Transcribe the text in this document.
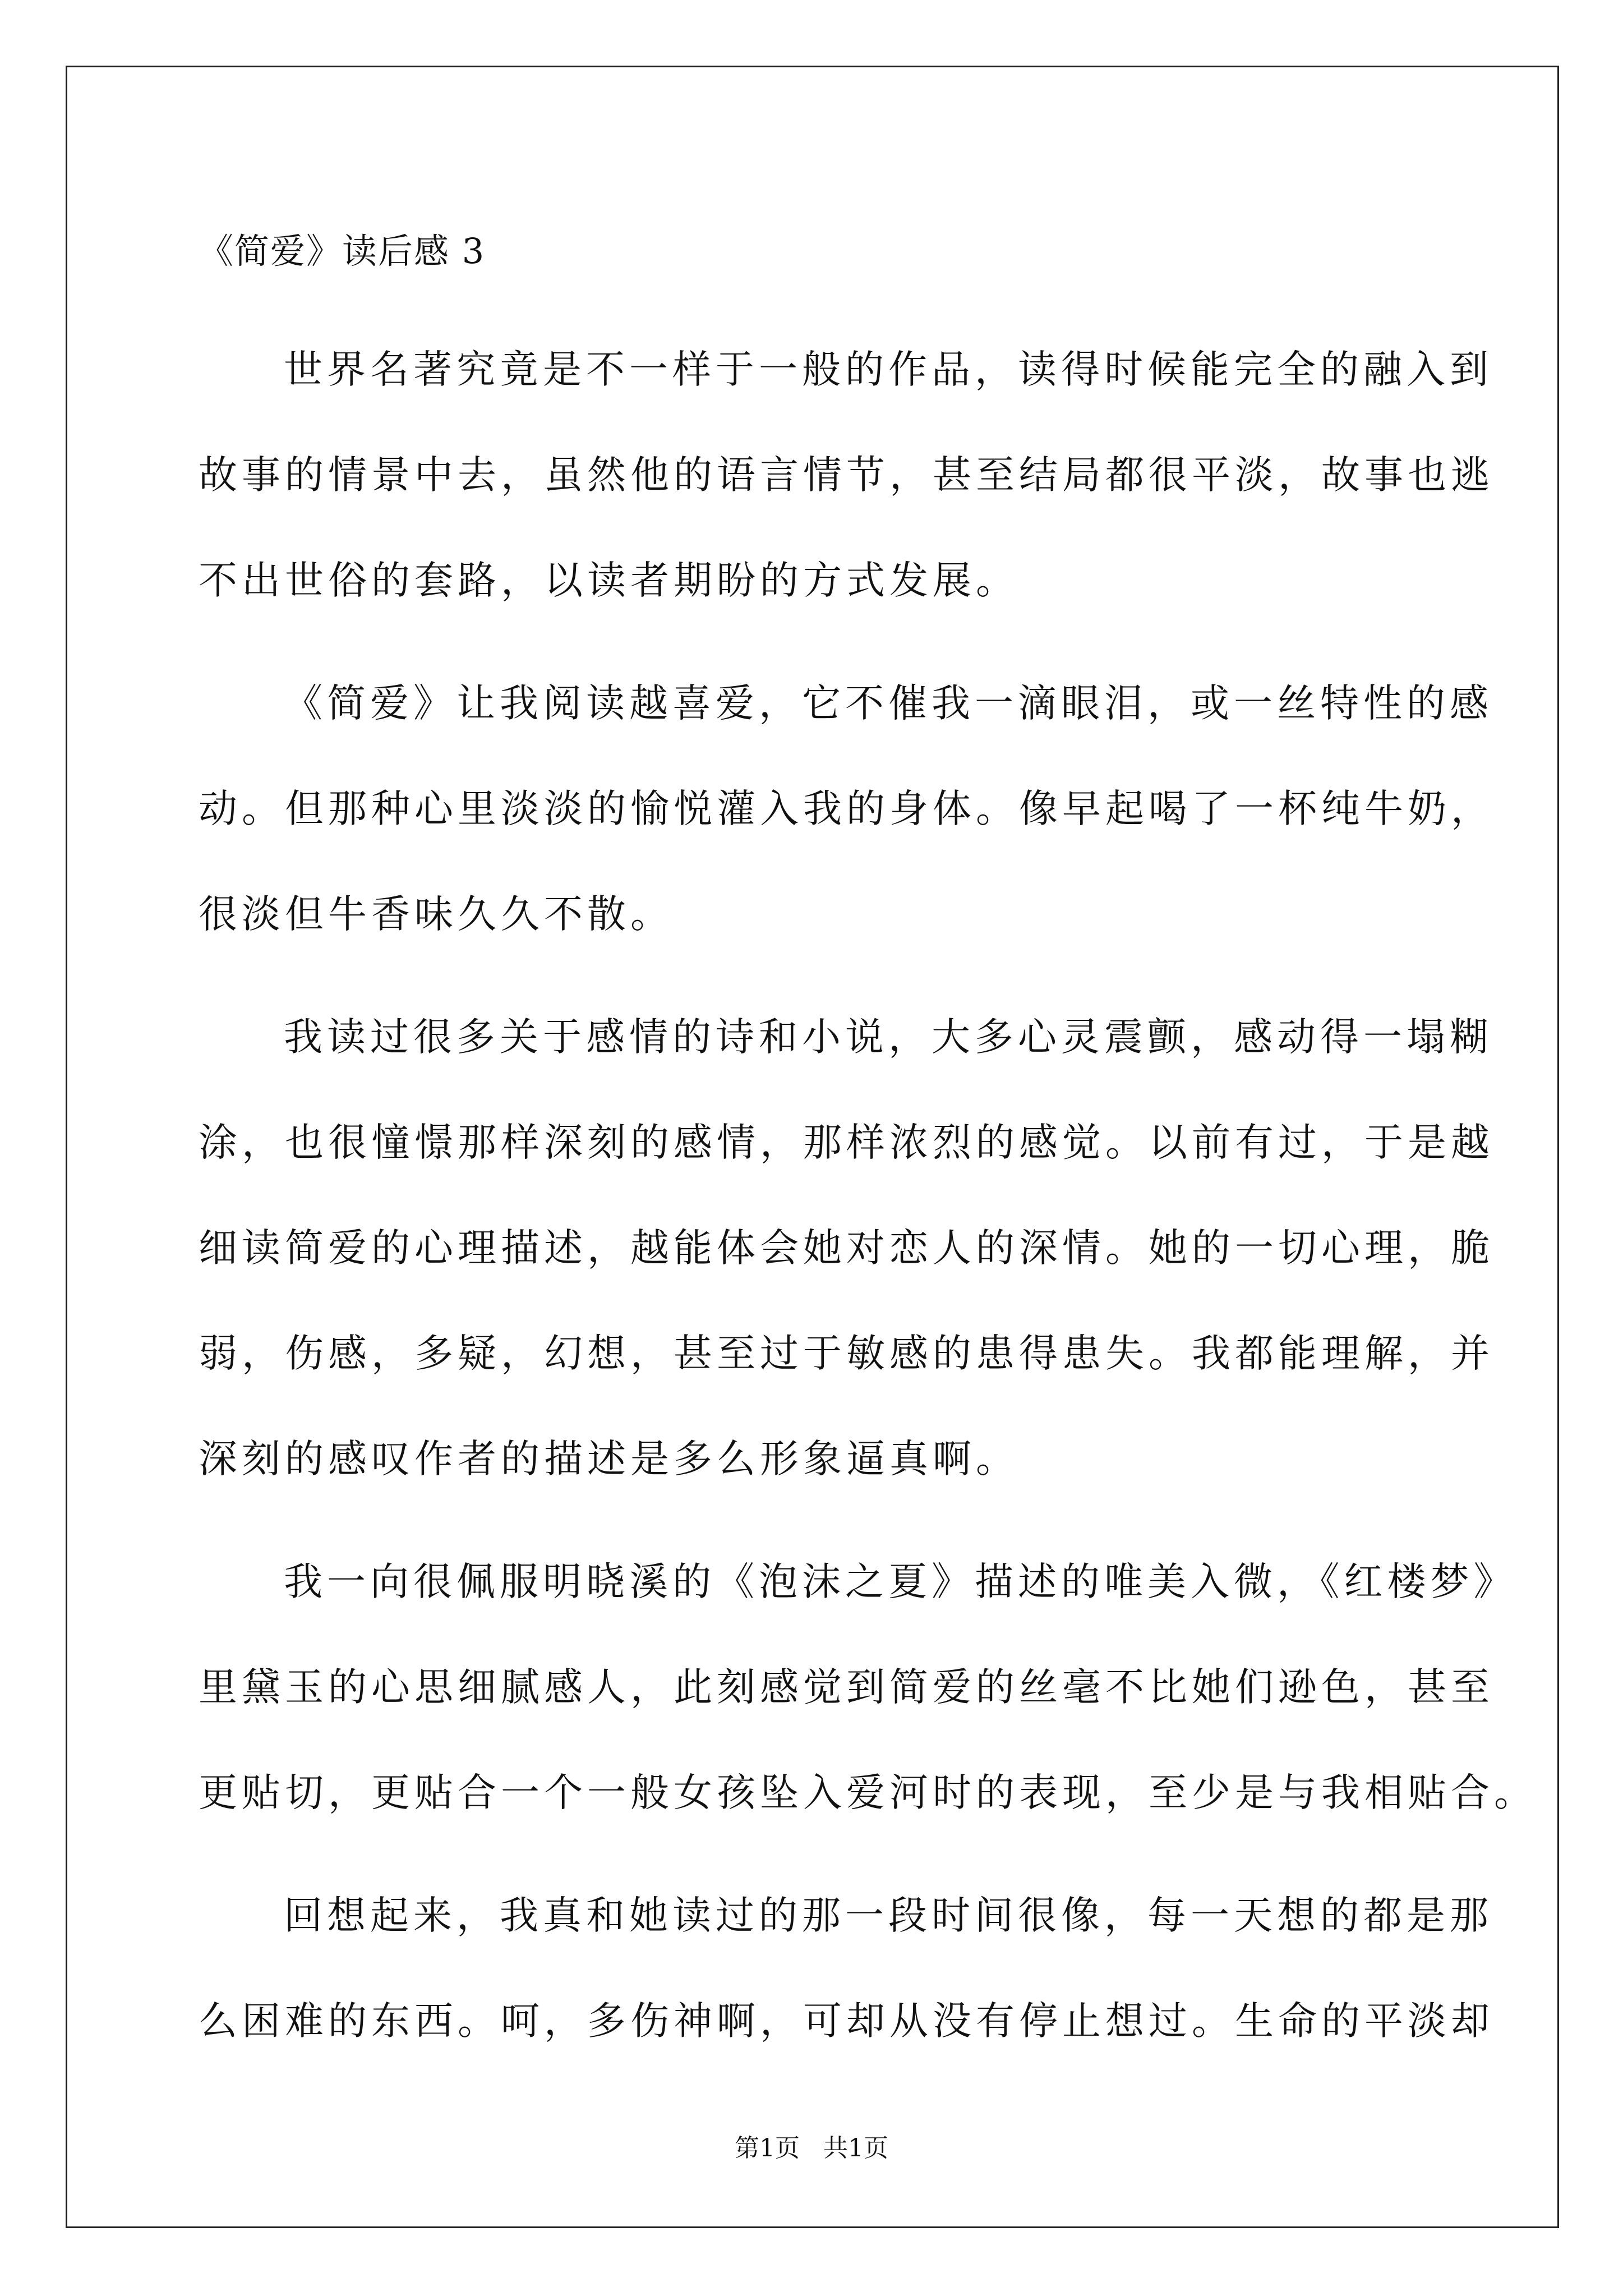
《简爱》读后感 3
世界名著究竟是不一样于一般的作品，读得时候能完全的融入到
故事的情景中去，虽然他的语言情节，甚至结局都很平淡，故事也逃
不出世俗的套路，以读者期盼的方式发展。
《简爱》让我阅读越喜爱，它不催我一滴眼泪，或一丝特性的感
动。但那种心里淡淡的愉悦灌入我的身体。像早起喝了一杯纯牛奶，
很淡但牛香味久久不散。
我读过很多关于感情的诗和小说，大多心灵震颤，感动得一塌糊
涂，也很憧憬那样深刻的感情，那样浓烈的感觉。以前有过，于是越
细读简爱的心理描述，越能体会她对恋人的深情。她的一切心理，脆
弱，伤感，多疑，幻想，甚至过于敏感的患得患失。我都能理解，并
深刻的感叹作者的描述是多么形象逼真啊。
我一向很佩服明晓溪的《泡沫之夏》描述的唯美入微，《红楼梦》
里黛玉的心思细腻感人，此刻感觉到简爱的丝毫不比她们逊色，甚至
更贴切，更贴合一个一般女孩坠入爱河时的表现，至少是与我相贴合。
回想起来，我真和她读过的那一段时间很像，每一天想的都是那
么困难的东西。呵，多伤神啊，可却从没有停止想过。生命的平淡却
第1页   共1页
